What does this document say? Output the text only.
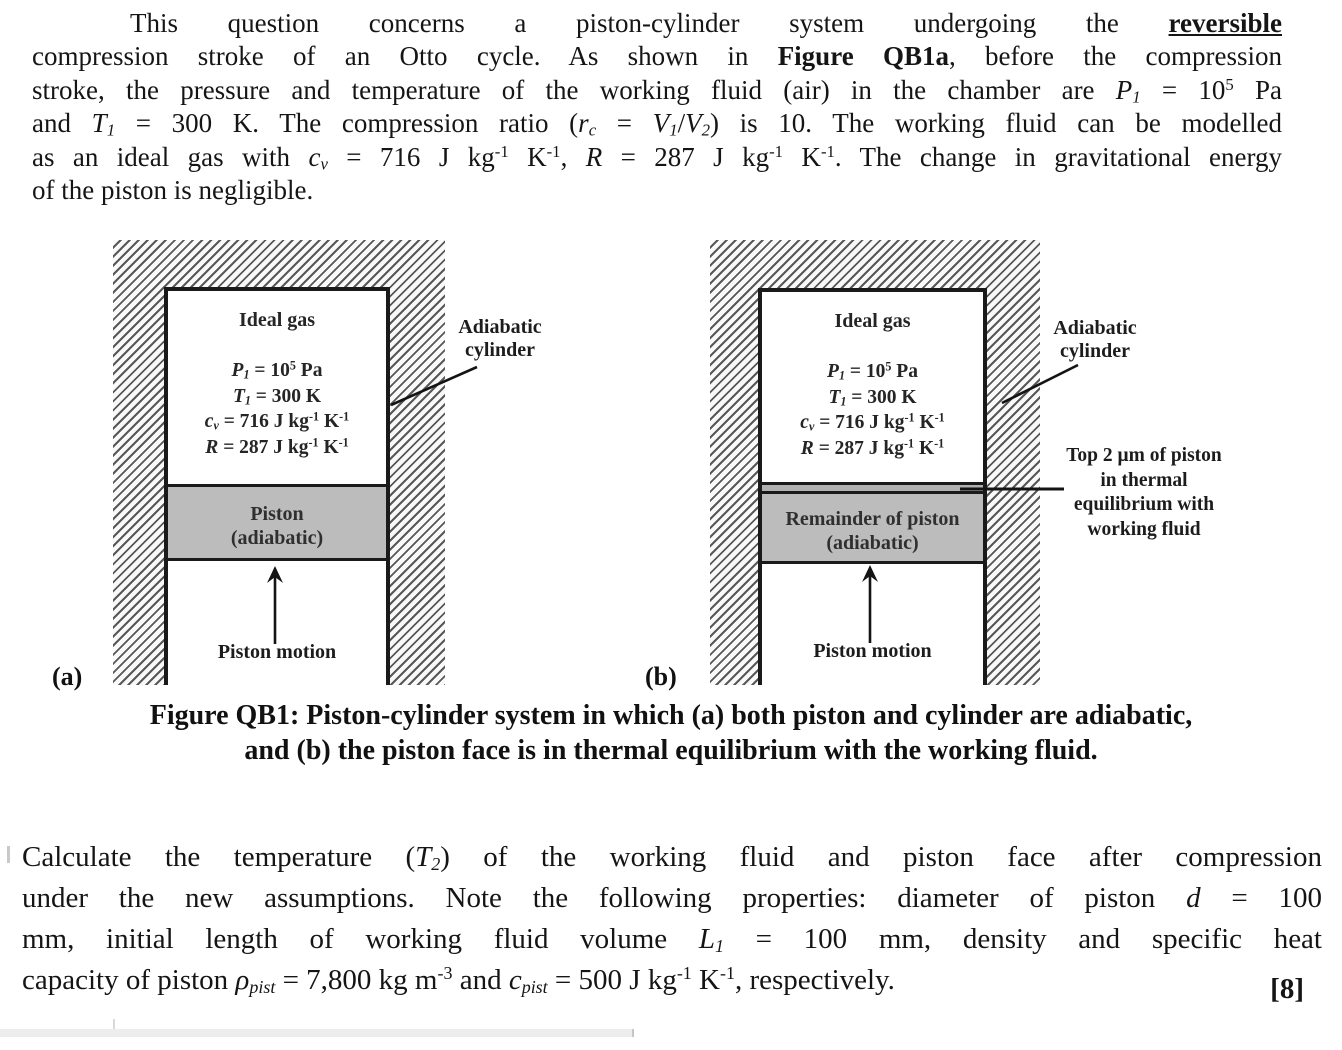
This question concerns a piston-cylinder system undergoing the reversible
compression stroke of an Otto cycle. As shown in Figure QB1a, before the compression
stroke, the pressure and temperature of the working fluid (air) in the chamber are $P1 = 10^5$ Pa
and T1 = 300 K. The compression ratio (rc = V1/V2) is 10. The working fluid can be modelled
as an ideal gas with cv = 716 J $kg^{-1}$ $K^{-1}$, R = 287 J $kg^{-1}$ $K^{-1}$. The change in gravitational energy
of the piston is negligible.
Ideal gas
$P1 = 10^5$ Pa
T1 = 300 K
cv = 716 J $kg^{-1}$ $K^{-1}$
R = 287 J $kg^{-1}$ $K^{-1}$
Piston
(adiabatic)
Piston motion
Adiabatic
cylinder
(a)
Ideal gas
$P1 = 10^5$ Pa
T1 = 300 K
cv = 716 J $kg^{-1}$ $K^{-1}$
R = 287 J $kg^{-1}$ $K^{-1}$
Remainder of piston
(adiabatic)
Piston motion
Adiabatic
cylinder
Top 2 μm of piston
in thermal
equilibrium with
working fluid
(b)
Figure QB1: Piston-cylinder system in which (a) both piston and cylinder are adiabatic,
and (b) the piston face is in thermal equilibrium with the working fluid.
Calculate the temperature (T2) of the working fluid and piston face after compression
under the new assumptions. Note the following properties: diameter of piston d = 100
mm, initial length of working fluid volume L1 = 100 mm, density and specific heat
capacity of piston ρpist = 7,800 kg $m^{-3}$ and cpist = 500 J $kg^{-1}$ $K^{-1}$, respectively.	[8]
